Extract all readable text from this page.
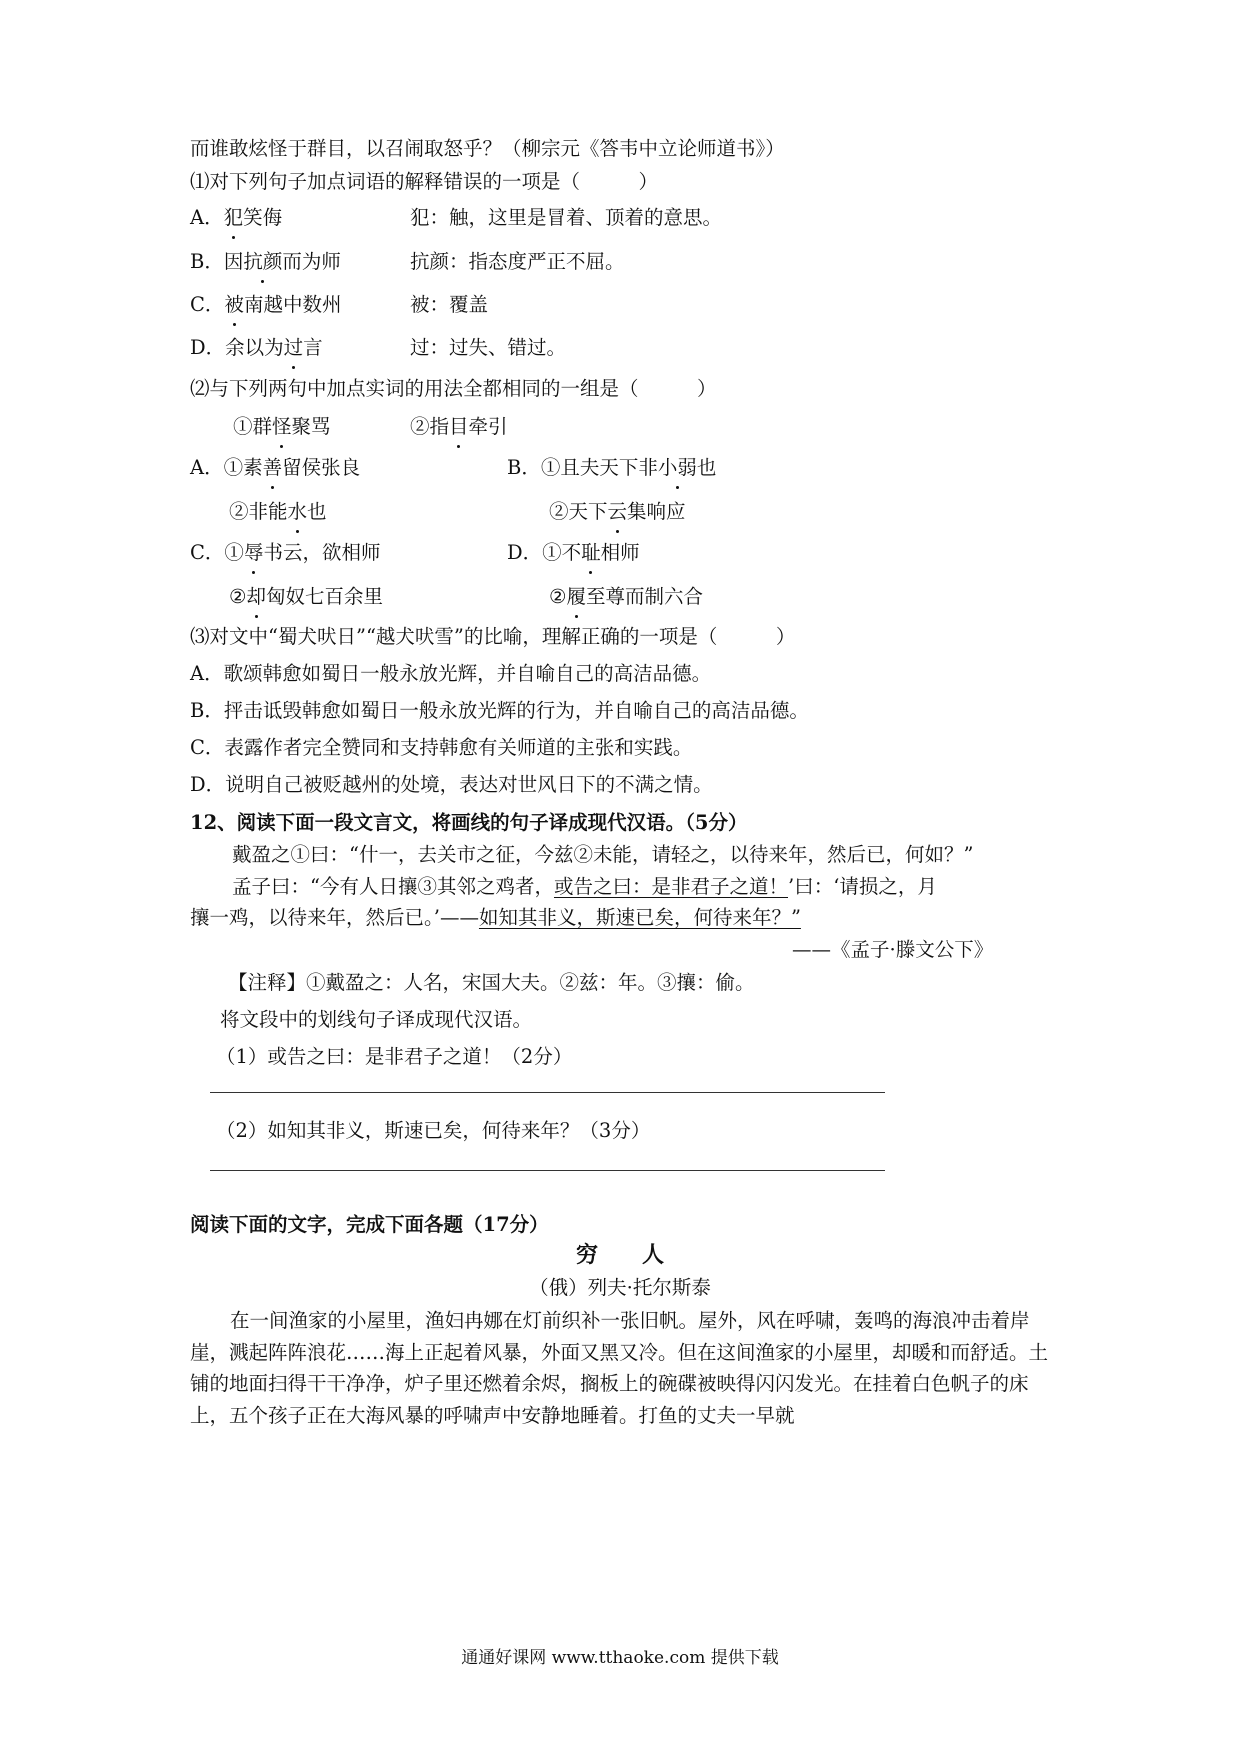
而谁敢炫怪于群目，以召闹取怒乎？（柳宗元《答韦中立论师道书》）
⑴对下列句子加点词语的解释错误的一项是（　　　）
A．犯笑侮	犯：触，这里是冒着、顶着的意思。
B．因抗颜而为师	抗颜：指态度严正不屈。
C．被南越中数州	被：覆盖
D．余以为过言	过：过失、错过。
⑵与下列两句中加点实词的用法全都相同的一组是（　　　）
①群怪聚骂	②指目牵引
A．①素善留侯张良	B．①且夫天下非小弱也
②非能水也	②天下云集响应
C．①辱书云，欲相师	D．①不耻相师
②却匈奴七百余里	②履至尊而制六合
⑶对文中“蜀犬吠日”“越犬吠雪”的比喻，理解正确的一项是（　　　）
A．歌颂韩愈如蜀日一般永放光辉，并自喻自己的高洁品德。
B．抨击诋毁韩愈如蜀日一般永放光辉的行为，并自喻自己的高洁品德。
C．表露作者完全赞同和支持韩愈有关师道的主张和实践。
D．说明自己被贬越州的处境，表达对世风日下的不满之情。
12、阅读下面一段文言文，将画线的句子译成现代汉语。（5分）
戴盈之①曰：“什一，去关市之征，今兹②未能，请轻之，以待来年，然后已，何如？”
孟子曰：“今有人日攘③其邻之鸡者，或告之曰：是非君子之道！’曰：‘请损之，月
攘一鸡，以待来年，然后已。’——如知其非义，斯速已矣，何待来年？”
——《孟子·滕文公下》
【注释】①戴盈之：人名，宋国大夫。②兹：年。③攘：偷。
将文段中的划线句子译成现代汉语。
（1）或告之曰：是非君子之道！（2分）
（2）如知其非义，斯速已矣，何待来年？（3分）
阅读下面的文字，完成下面各题（17分）
穷　　人
（俄）列夫·托尔斯泰
在一间渔家的小屋里，渔妇冉娜在灯前织补一张旧帆。屋外，风在呼啸，轰鸣的海浪冲击着岸崖，溅起阵阵浪花……海上正起着风暴，外面又黑又冷。但在这间渔家的小屋里，却暖和而舒适。土铺的地面扫得干干净净，炉子里还燃着余烬，搁板上的碗碟被映得闪闪发光。在挂着白色帆子的床上，五个孩子正在大海风暴的呼啸声中安静地睡着。打鱼的丈夫一早就
通通好课网 www.tthaoke.com 提供下载
